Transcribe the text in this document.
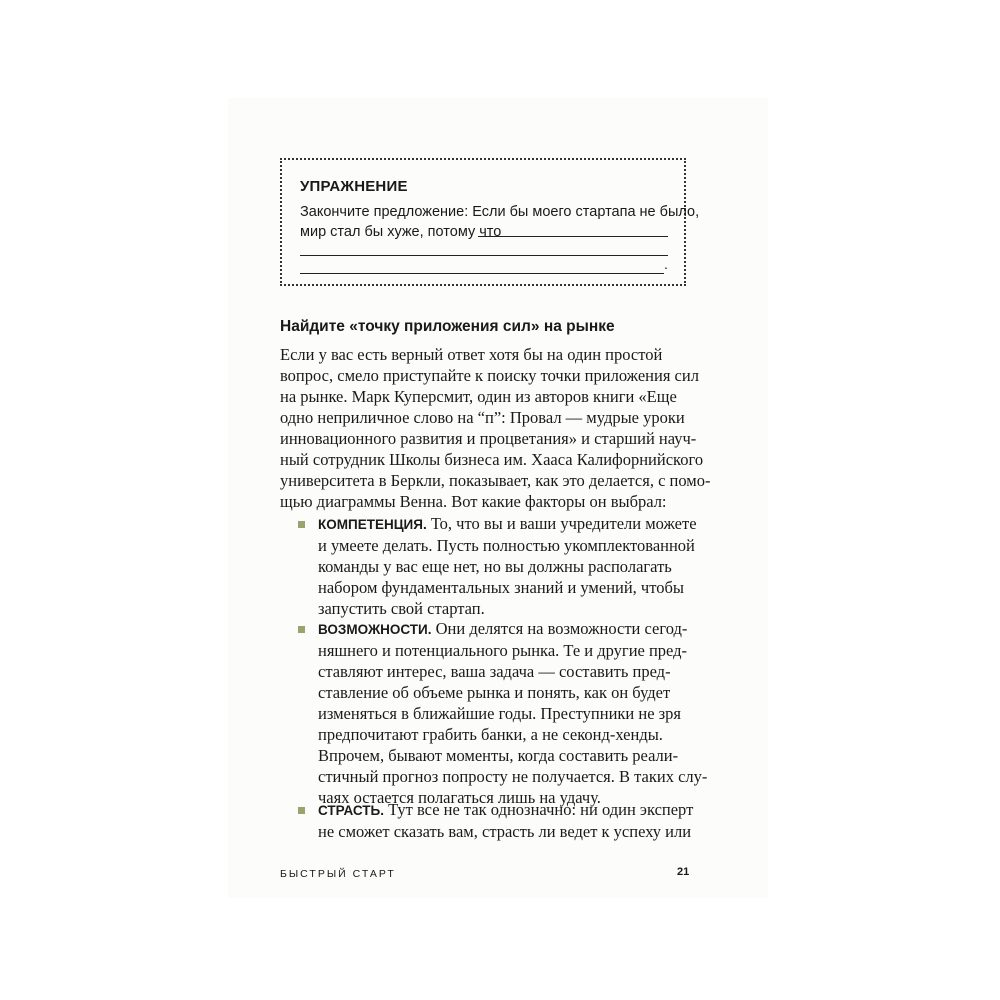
УПРАЖНЕНИЕ
Закончите предложение: Если бы моего стартапа не было,
мир стал бы хуже, потому что
.
Найдите «точку приложения сил» на рынке
Если у вас есть верный ответ хотя бы на один простой
вопрос, смело приступайте к поиску точки приложения сил
на рынке. Марк Куперсмит, один из авторов книги «Еще
одно неприличное слово на “п”: Провал — мудрые уроки
инновационного развития и процветания» и старший науч-
ный сотрудник Школы бизнеса им. Хааса Калифорнийского
университета в Беркли, показывает, как это делается, с помо-
щью диаграммы Венна. Вот какие факторы он выбрал:
КОМПЕТЕНЦИЯ. То, что вы и ваши учредители можете
и умеете делать. Пусть полностью укомплектованной
команды у вас еще нет, но вы должны располагать
набором фундаментальных знаний и умений, чтобы
запустить свой стартап.
ВОЗМОЖНОСТИ. Они делятся на возможности сегод-
няшнего и потенциального рынка. Те и другие пред-
ставляют интерес, ваша задача — составить пред-
ставление об объеме рынка и понять, как он будет
изменяться в ближайшие годы. Преступники не зря
предпочитают грабить банки, а не секонд-хенды.
Впрочем, бывают моменты, когда составить реали-
стичный прогноз попросту не получается. В таких слу-
чаях остается полагаться лишь на удачу.
СТРАСТЬ. Тут все не так однозначно: ни один эксперт
не сможет сказать вам, страсть ли ведет к успеху или
БЫСТРЫЙ СТАРТ	21
